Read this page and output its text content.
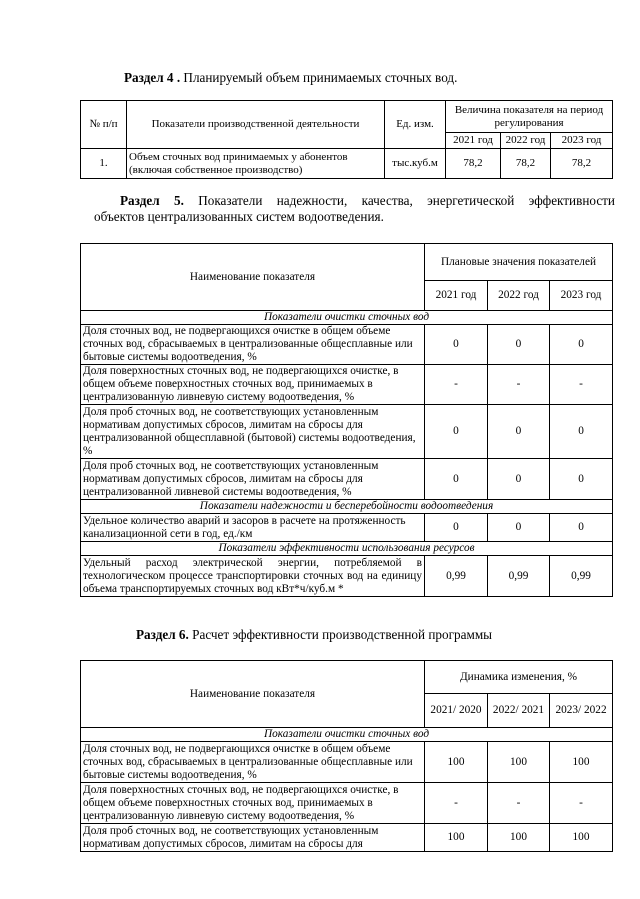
Раздел 4 . Планируемый объем принимаемых сточных вод.
№ п/п	Показатели производственной деятельности	Ед. изм.	Величина показателя на период регулирования		
			2021 год	2022 год	2023 год
1.	Объем сточных вод принимаемых у абонентов (включая собственное производство)	тыс.куб.м	78,2	78,2	78,2
Раздел 5. Показатели надежности, качества, энергетической эффективности
объектов централизованных систем водоотведения.
Наименование показателя	Плановые значения показателей		
	2021 год	2022 год	2023 год
Показатели очистки сточных вод			
Доля сточных вод, не подвергающихся очистке в общем объеме сточных вод, сбрасываемых в централизованные общесплавные или бытовые системы водоотведения, %	0	0	0
Доля поверхностных сточных вод, не подвергающихся очистке, в общем объеме поверхностных сточных вод, принимаемых в централизованную ливневую систему водоотведения, %	-	-	-
Доля проб сточных вод, не соответствующих установленным нормативам допустимых сбросов, лимитам на сбросы для централизованной общесплавной (бытовой) системы водоотведения, %	0	0	0
Доля проб сточных вод, не соответствующих установленным нормативам допустимых сбросов, лимитам на сбросы для централизованной ливневой системы водоотведения, %	0	0	0
Показатели надежности и бесперебойности водоотведения			
Удельное количество аварий и засоров в расчете на протяженность канализационной сети в год, ед./км	0	0	0
Показатели эффективности использования ресурсов			
Удельный расход электрической энергии, потребляемой в технологическом процессе транспортировки сточных вод на единицу объема транспортируемых сточных вод кВт*ч/куб.м *	0,99	0,99	0,99
Раздел 6. Расчет эффективности производственной программы
Наименование показателя	Динамика изменения, %		
	2021/ 2020	2022/ 2021	2023/ 2022
Показатели очистки сточных вод			
Доля сточных вод, не подвергающихся очистке в общем объеме сточных вод, сбрасываемых в централизованные общесплавные или бытовые системы водоотведения, %	100	100	100
Доля поверхностных сточных вод, не подвергающихся очистке, в общем объеме поверхностных сточных вод, принимаемых в централизованную ливневую систему водоотведения, %	-	-	-
Доля проб сточных вод, не соответствующих установленным нормативам допустимых сбросов, лимитам на сбросы для	100	100	100
